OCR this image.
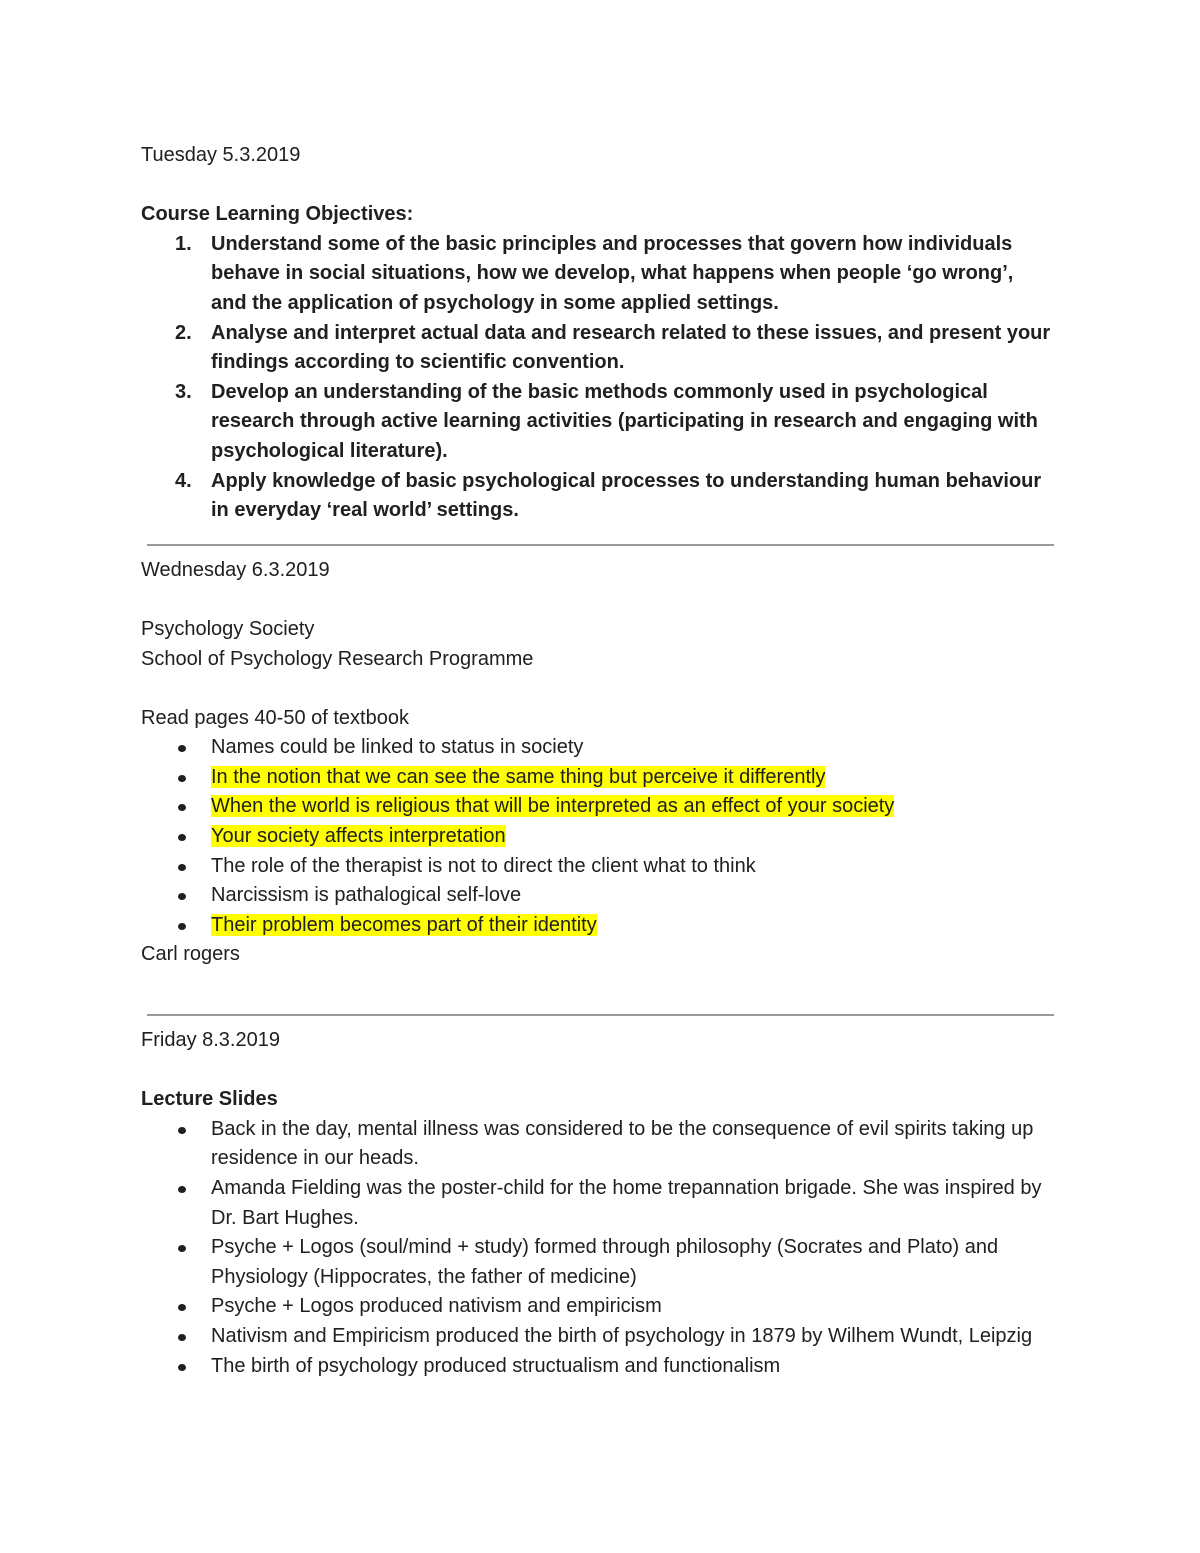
Tuesday 5.3.2019
Course Learning Objectives:
1. Understand some of the basic principles and processes that govern how individuals behave in social situations, how we develop, what happens when people ‘go wrong’, and the application of psychology in some applied settings.
2. Analyse and interpret actual data and research related to these issues, and present your findings according to scientific convention.
3. Develop an understanding of the basic methods commonly used in psychological research through active learning activities (participating in research and engaging with psychological literature).
4. Apply knowledge of basic psychological processes to understanding human behaviour in everyday ‘real world’ settings.
Wednesday 6.3.2019
Psychology Society
School of Psychology Research Programme
Read pages 40-50 of textbook
Names could be linked to status in society
In the notion that we can see the same thing but perceive it differently
When the world is religious that will be interpreted as an effect of your society
Your society affects interpretation
The role of the therapist is not to direct the client what to think
Narcissism is pathalogical self-love
Their problem becomes part of their identity
Carl rogers
Friday 8.3.2019
Lecture Slides
Back in the day, mental illness was considered to be the consequence of evil spirits taking up residence in our heads.
Amanda Fielding was the poster-child for the home trepannation brigade. She was inspired by Dr. Bart Hughes.
Psyche + Logos (soul/mind + study) formed through philosophy (Socrates and Plato) and Physiology (Hippocrates, the father of medicine)
Psyche + Logos produced nativism and empiricism
Nativism and Empiricism produced the birth of psychology in 1879 by Wilhem Wundt, Leipzig
The birth of psychology produced structualism and functionalism
